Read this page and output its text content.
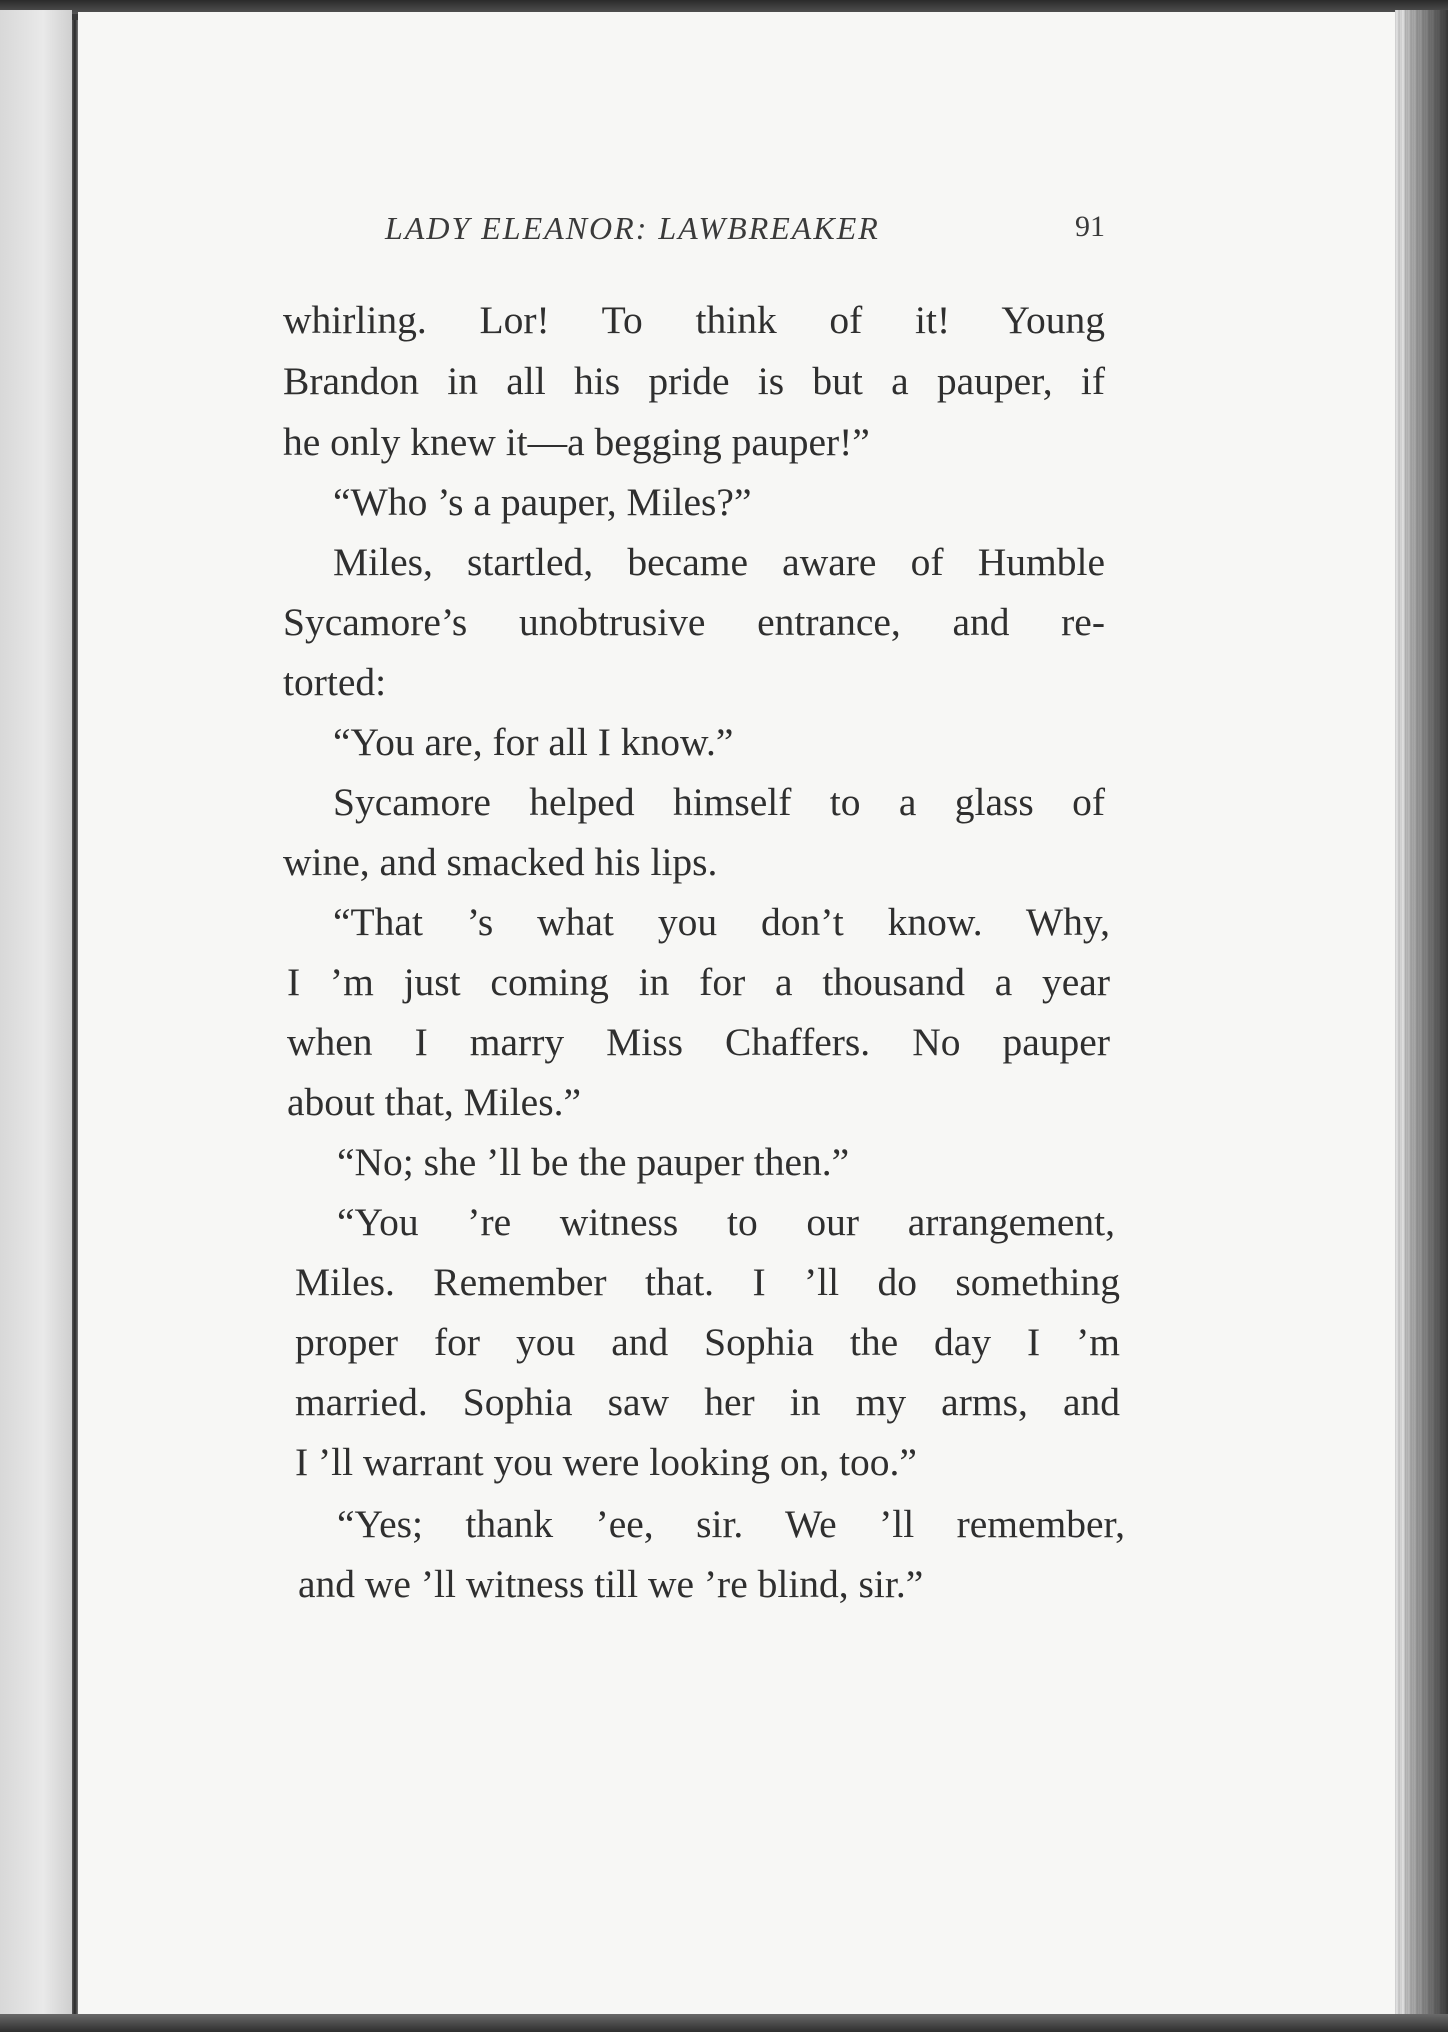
LADY ELEANOR: LAWBREAKER	91
whirling. Lor! To think of it! Young
Brandon in all his pride is but a pauper, if
he only knew it—a begging pauper!”
“Who ’s a pauper, Miles?”
Miles, startled, became aware of Humble
Sycamore’s unobtrusive entrance, and re-
torted:
“You are, for all I know.”
Sycamore helped himself to a glass of
wine, and smacked his lips.
“That ’s what you don’t know. Why,
I ’m just coming in for a thousand a year
when I marry Miss Chaffers. No pauper
about that, Miles.”
“No; she ’ll be the pauper then.”
“You ’re witness to our arrangement,
Miles. Remember that. I ’ll do something
proper for you and Sophia the day I ’m
married. Sophia saw her in my arms, and
I ’ll warrant you were looking on, too.”
“Yes; thank ’ee, sir. We ’ll remember,
and we ’ll witness till we ’re blind, sir.”
